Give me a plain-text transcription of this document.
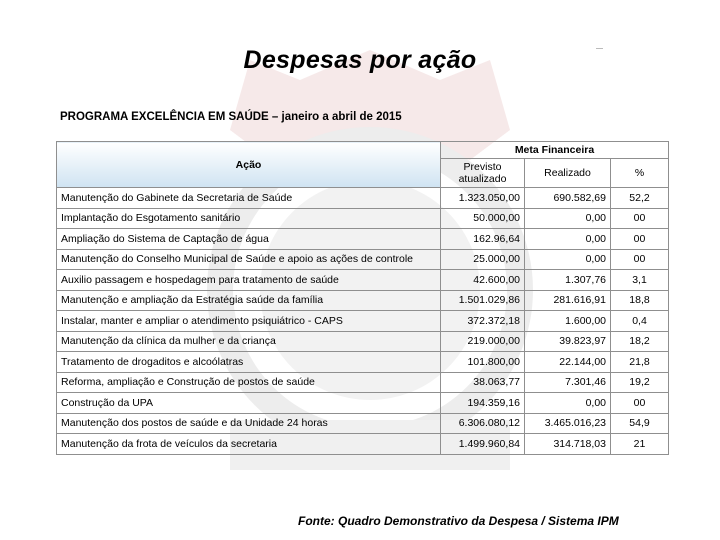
Despesas por ação
PROGRAMA EXCELÊNCIA EM SAÚDE – janeiro a abril de 2015
Ação	Meta Financeira		
	Previsto atualizado	Realizado	%
Manutenção do Gabinete da Secretaria de Saúde	1.323.050,00	690.582,69	52,2
Implantação do Esgotamento sanitário	50.000,00	0,00	00
Ampliação do Sistema de Captação de água	162.96,64	0,00	00
Manutenção do Conselho Municipal de Saúde e apoio as ações de controle	25.000,00	0,00	00
Auxilio passagem e hospedagem para tratamento de saúde	42.600,00	1.307,76	3,1
Manutenção e ampliação da Estratégia saúde da família	1.501.029,86	281.616,91	18,8
Instalar, manter e ampliar o atendimento psiquiátrico - CAPS	372.372,18	1.600,00	0,4
Manutenção da clínica da mulher e da criança	219.000,00	39.823,97	18,2
Tratamento de drogaditos e alcoólatras	101.800,00	22.144,00	21,8
Reforma, ampliação e Construção de postos de saúde	38.063,77	7.301,46	19,2
Construção da UPA	194.359,16	0,00	00
Manutenção dos postos de saúde e da Unidade 24 horas	6.306.080,12	3.465.016,23	54,9
Manutenção da frota de veículos da secretaria	1.499.960,84	314.718,03	21
Fonte: Quadro Demonstrativo da Despesa / Sistema IPM
